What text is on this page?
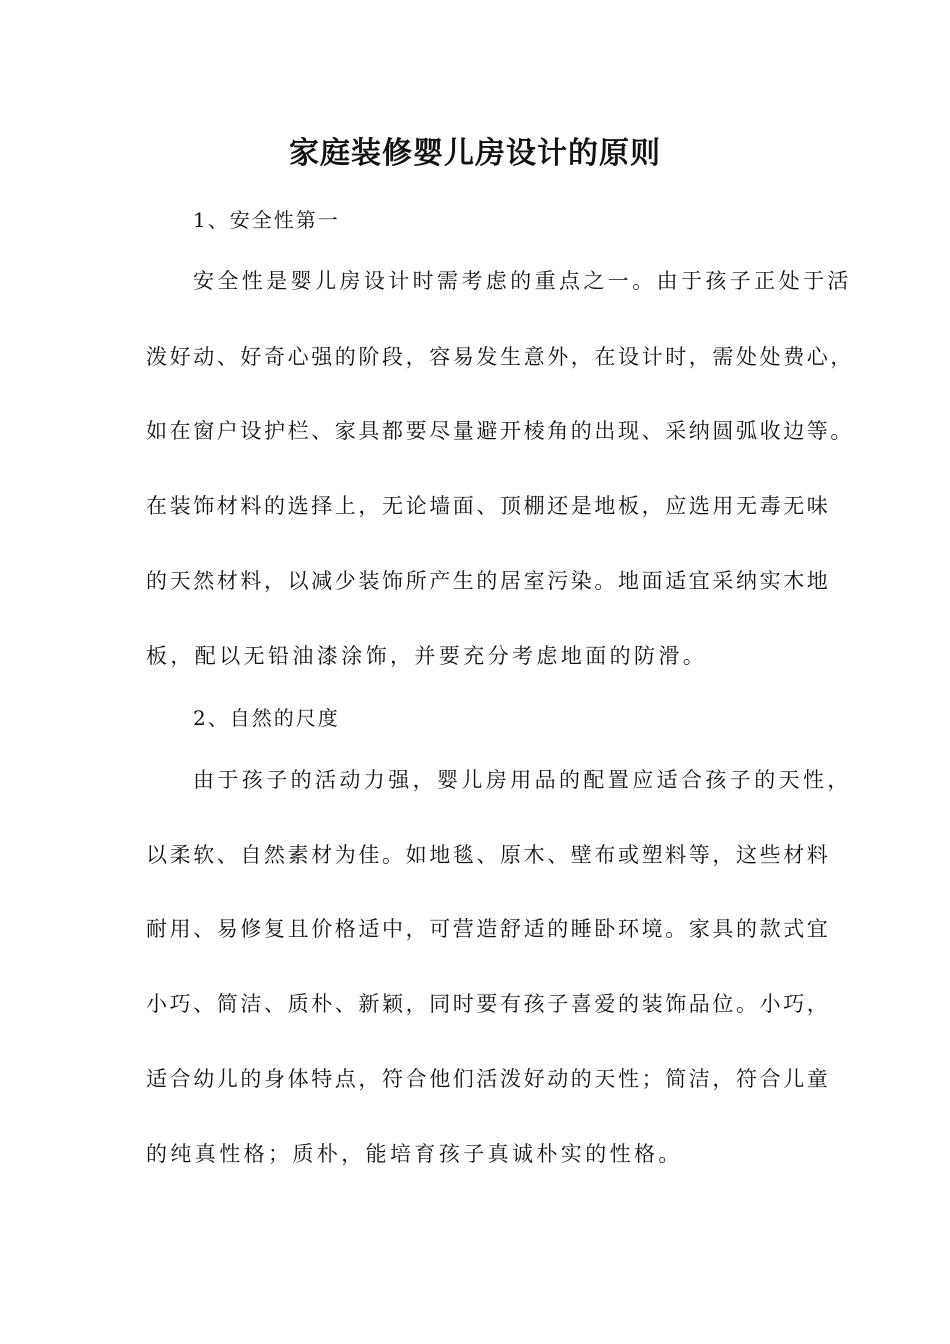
家庭装修婴儿房设计的原则

1、安全性第一

安全性是婴儿房设计时需考虑的重点之一。由于孩子正处于活

泼好动、好奇心强的阶段，容易发生意外，在设计时，需处处费心，

如在窗户设护栏、家具都要尽量避开棱角的出现、采纳圆弧收边等。

在装饰材料的选择上，无论墙面、顶棚还是地板，应选用无毒无味

的天然材料，以减少装饰所产生的居室污染。地面适宜采纳实木地

板，配以无铅油漆涂饰，并要充分考虑地面的防滑。

2、自然的尺度

由于孩子的活动力强，婴儿房用品的配置应适合孩子的天性，

以柔软、自然素材为佳。如地毯、原木、壁布或塑料等，这些材料

耐用、易修复且价格适中，可营造舒适的睡卧环境。家具的款式宜

小巧、简洁、质朴、新颖，同时要有孩子喜爱的装饰品位。小巧，

适合幼儿的身体特点，符合他们活泼好动的天性；简洁，符合儿童

的纯真性格；质朴，能培育孩子真诚朴实的性格。
